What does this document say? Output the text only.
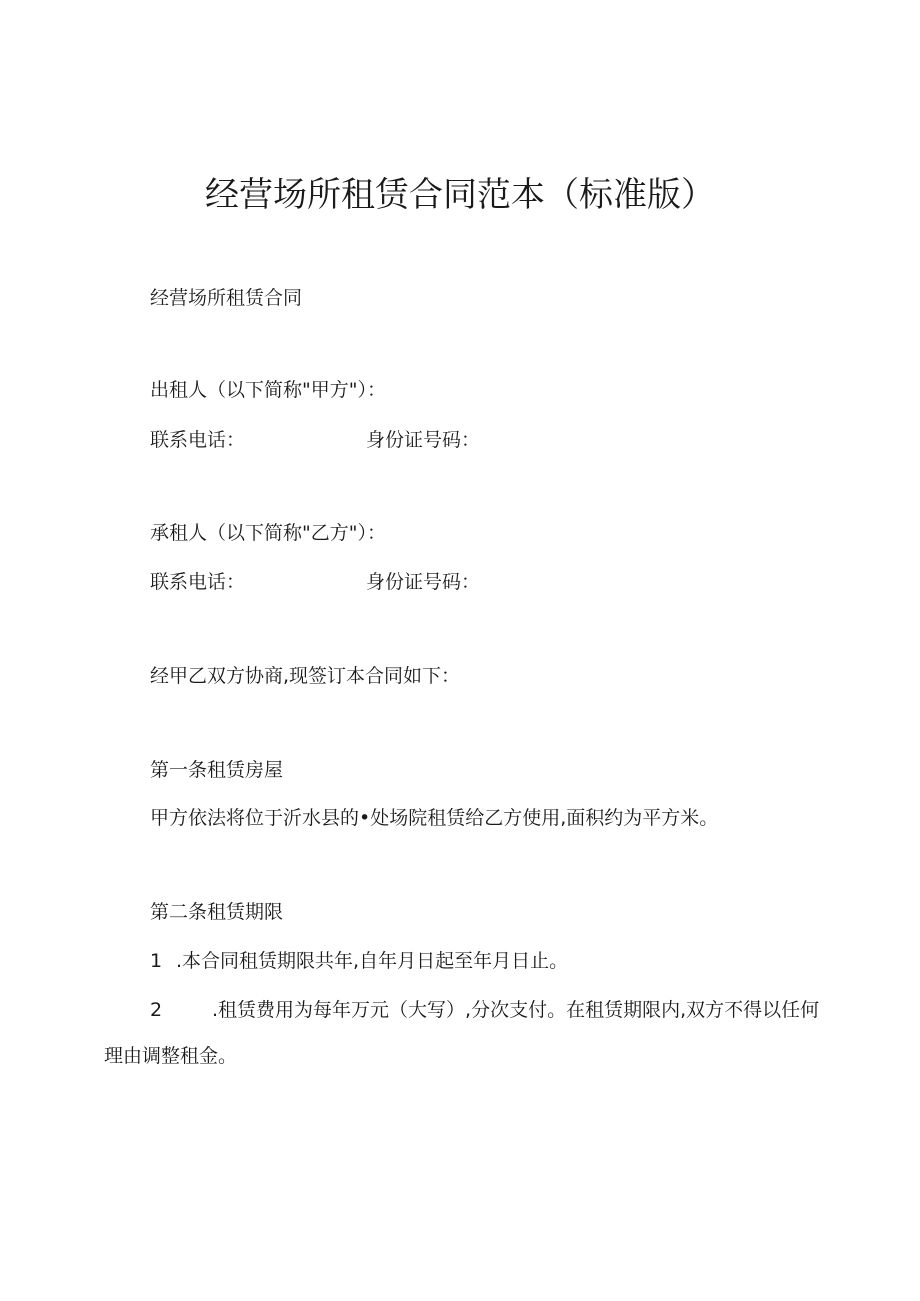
经营场所租赁合同范本（标准版）

经营场所租赁合同

出租人（以下简称"甲方"）：

联系电话：	身份证号码：

承租人（以下简称"乙方"）：

联系电话：	身份证号码：

经甲乙双方协商,现签订本合同如下：

第一条租赁房屋

甲方依法将位于沂水县的•处场院租赁给乙方使用,面积约为平方米。

第二条租赁期限

1 .本合同租赁期限共年,自年月日起至年月日止。
2	.租赁费用为每年万元（大写）,分次支付。在租赁期限内,双方不得以任何理由调整租金。
